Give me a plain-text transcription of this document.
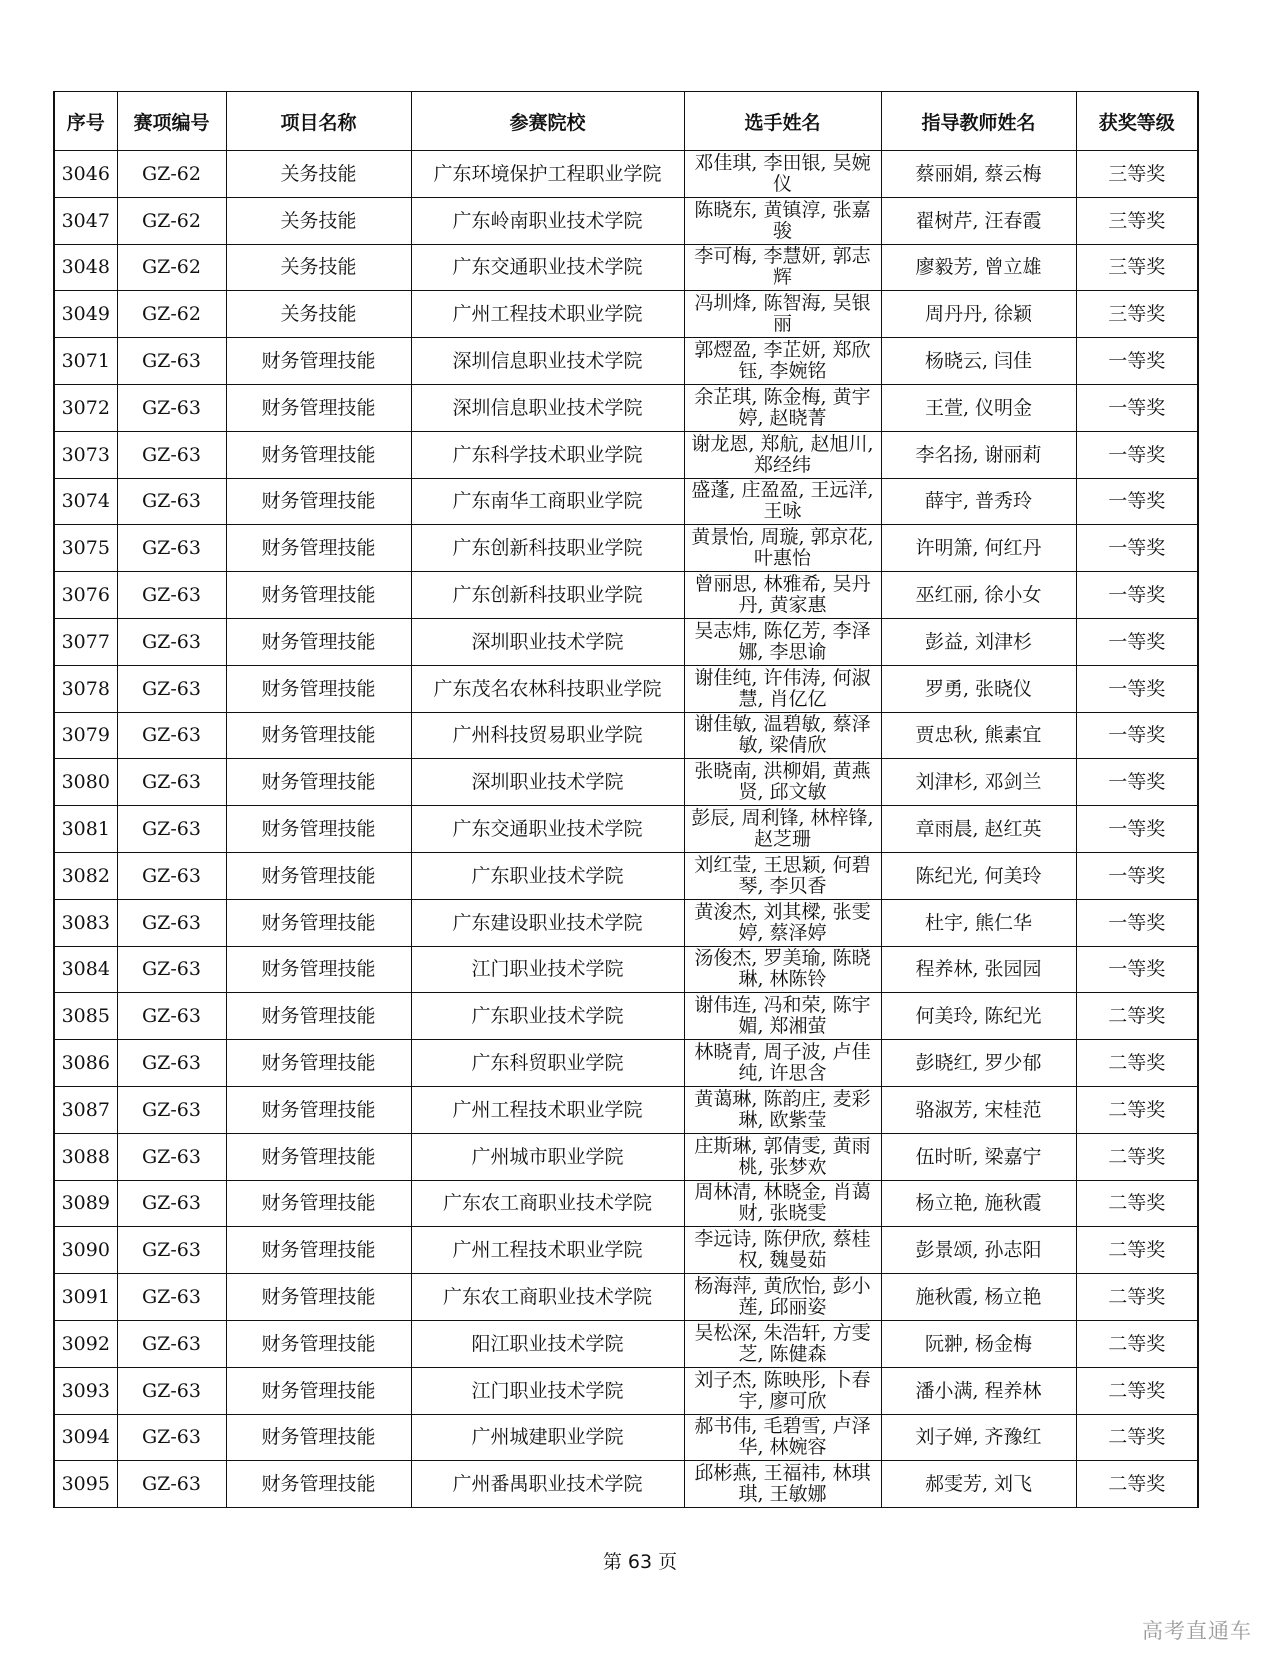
序号	赛项编号	项目名称	参赛院校	选手姓名	指导教师姓名	获奖等级
3046	GZ-62	关务技能	广东环境保护工程职业学院	邓佳琪, 李田银, 吴婉仪	蔡丽娟, 蔡云梅	三等奖
3047	GZ-62	关务技能	广东岭南职业技术学院	陈晓东, 黄镇淳, 张嘉骏	翟树芹, 汪春霞	三等奖
3048	GZ-62	关务技能	广东交通职业技术学院	李可梅, 李慧妍, 郭志辉	廖毅芳, 曾立雄	三等奖
3049	GZ-62	关务技能	广州工程技术职业学院	冯圳烽, 陈智海, 吴银丽	周丹丹, 徐颖	三等奖
3071	GZ-63	财务管理技能	深圳信息职业技术学院	郭熤盈, 李芷妍, 郑欣钰, 李婉铭	杨晓云, 闫佳	一等奖
3072	GZ-63	财务管理技能	深圳信息职业技术学院	余芷琪, 陈金梅, 黄宇婷, 赵晓菁	王萱, 仪明金	一等奖
3073	GZ-63	财务管理技能	广东科学技术职业学院	谢龙恩, 郑航, 赵旭川, 郑经纬	李名扬, 谢丽莉	一等奖
3074	GZ-63	财务管理技能	广东南华工商职业学院	盛蓬, 庄盈盈, 王远洋, 王咏	薛宇, 普秀玲	一等奖
3075	GZ-63	财务管理技能	广东创新科技职业学院	黄景怡, 周璇, 郭京花, 叶惠怡	许明箫, 何红丹	一等奖
3076	GZ-63	财务管理技能	广东创新科技职业学院	曾丽思, 林雅希, 吴丹丹, 黄家惠	巫红丽, 徐小女	一等奖
3077	GZ-63	财务管理技能	深圳职业技术学院	吴志炜, 陈亿芳, 李泽娜, 李思谕	彭益, 刘津杉	一等奖
3078	GZ-63	财务管理技能	广东茂名农林科技职业学院	谢佳纯, 许伟涛, 何淑慧, 肖亿亿	罗勇, 张晓仪	一等奖
3079	GZ-63	财务管理技能	广州科技贸易职业学院	谢佳敏, 温碧敏, 蔡泽敏, 梁倩欣	贾忠秋, 熊素宜	一等奖
3080	GZ-63	财务管理技能	深圳职业技术学院	张晓南, 洪柳娟, 黄燕贤, 邱文敏	刘津杉, 邓剑兰	一等奖
3081	GZ-63	财务管理技能	广东交通职业技术学院	彭辰, 周利锋, 林梓锋, 赵芝珊	章雨晨, 赵红英	一等奖
3082	GZ-63	财务管理技能	广东职业技术学院	刘红莹, 王思颖, 何碧琴, 李贝香	陈纪光, 何美玲	一等奖
3083	GZ-63	财务管理技能	广东建设职业技术学院	黄浚杰, 刘其樑, 张雯婷, 蔡泽婷	杜宇, 熊仁华	一等奖
3084	GZ-63	财务管理技能	江门职业技术学院	汤俊杰, 罗美瑜, 陈晓琳, 林陈铃	程养林, 张园园	一等奖
3085	GZ-63	财务管理技能	广东职业技术学院	谢伟连, 冯和荣, 陈宇媚, 郑湘萤	何美玲, 陈纪光	二等奖
3086	GZ-63	财务管理技能	广东科贸职业学院	林晓青, 周子波, 卢佳纯, 许思含	彭晓红, 罗少郁	二等奖
3087	GZ-63	财务管理技能	广州工程技术职业学院	黄蔼琳, 陈韵庄, 麦彩琳, 欧紫莹	骆淑芳, 宋桂范	二等奖
3088	GZ-63	财务管理技能	广州城市职业学院	庄斯琳, 郭倩雯, 黄雨桃, 张梦欢	伍时昕, 梁嘉宁	二等奖
3089	GZ-63	财务管理技能	广东农工商职业技术学院	周林清, 林晓金, 肖蔼财, 张晓雯	杨立艳, 施秋霞	二等奖
3090	GZ-63	财务管理技能	广州工程技术职业学院	李远诗, 陈伊欣, 蔡桂权, 魏曼茹	彭景颂, 孙志阳	二等奖
3091	GZ-63	财务管理技能	广东农工商职业技术学院	杨海萍, 黄欣怡, 彭小莲, 邱丽姿	施秋霞, 杨立艳	二等奖
3092	GZ-63	财务管理技能	阳江职业技术学院	吴松深, 朱浩轩, 方雯芝, 陈健森	阮翀, 杨金梅	二等奖
3093	GZ-63	财务管理技能	江门职业技术学院	刘子杰, 陈映彤, 卜春宇, 廖可欣	潘小满, 程养林	二等奖
3094	GZ-63	财务管理技能	广州城建职业学院	郝书伟, 毛碧雪, 卢泽华, 林婉容	刘子婵, 齐豫红	二等奖
3095	GZ-63	财务管理技能	广州番禺职业技术学院	邱彬燕, 王福祎, 林琪琪, 王敏娜	郝雯芳, 刘飞	二等奖
第 63 页
高考直通车
